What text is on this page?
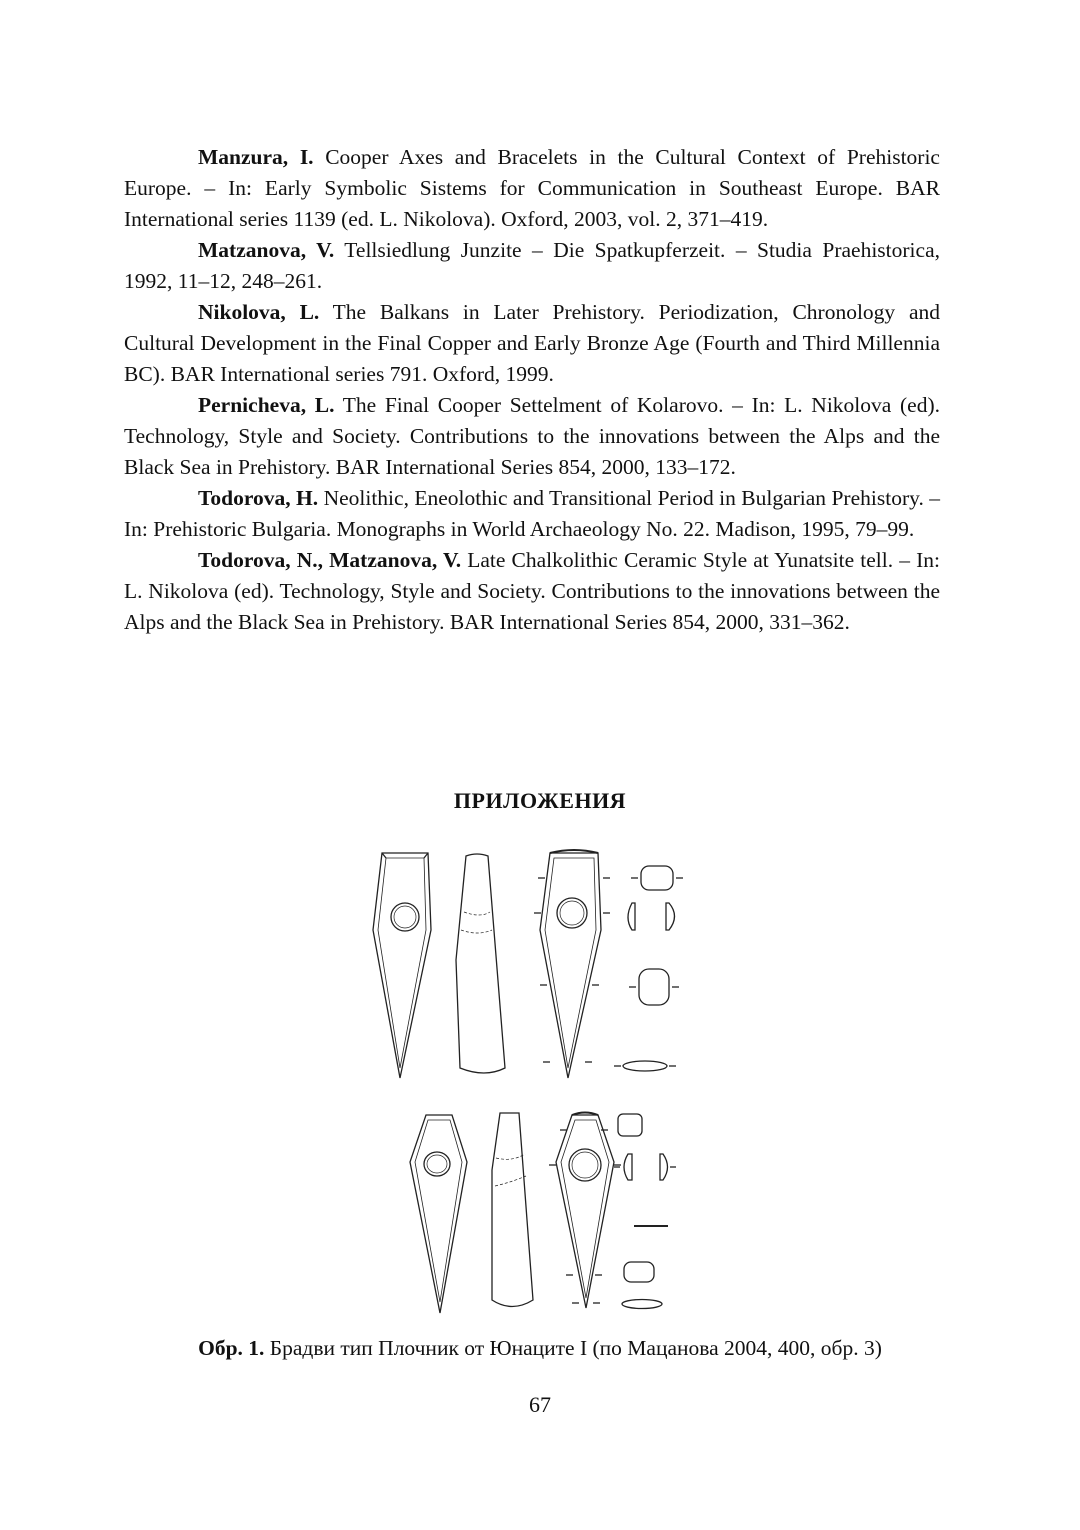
Manzura, I. Cooper Axes and Bracelets in the Cultural Context of Prehistoric Europe. – In: Early Symbolic Sistems for Communication in Southeast Europe. BAR International series 1139 (ed. L. Nikolova). Oxford, 2003, vol. 2, 371–419.

Matzanova, V. Tellsiedlung Junzite – Die Spatkupferzeit. – Studia Praehistorica, 1992, 11–12, 248–261.

Nikolova, L. The Balkans in Later Prehistory. Periodization, Chronology and Cultural Development in the Final Copper and Early Bronze Age (Fourth and Third Millennia BC). BAR International series 791. Oxford, 1999.

Pernicheva, L. The Final Cooper Settelment of Kolarovo. – In: L. Nikolova (ed). Technology, Style and Society. Contributions to the innovations between the Alps and the Black Sea in Prehistory. BAR International Series 854, 2000, 133–172.

Todorova, H. Neolithic, Eneolothic and Transitional Period in Bulgarian Prehistory. – In: Prehistoric Bulgaria. Monographs in World Archaeology No. 22. Madison, 1995, 79–99.

Todorova, N., Matzanova, V. Late Chalkolithic Ceramic Style at Yunatsite tell. – In: L. Nikolova (ed). Technology, Style and Society. Contributions to the innovations between the Alps and the Black Sea in Prehistory. BAR International Series 854, 2000, 331–362.

ПРИЛОЖЕНИЯ
Обр. 1. Брадви тип Плочник от Юнаците I (по Мацанова 2004, 400, обр. 3)
67
